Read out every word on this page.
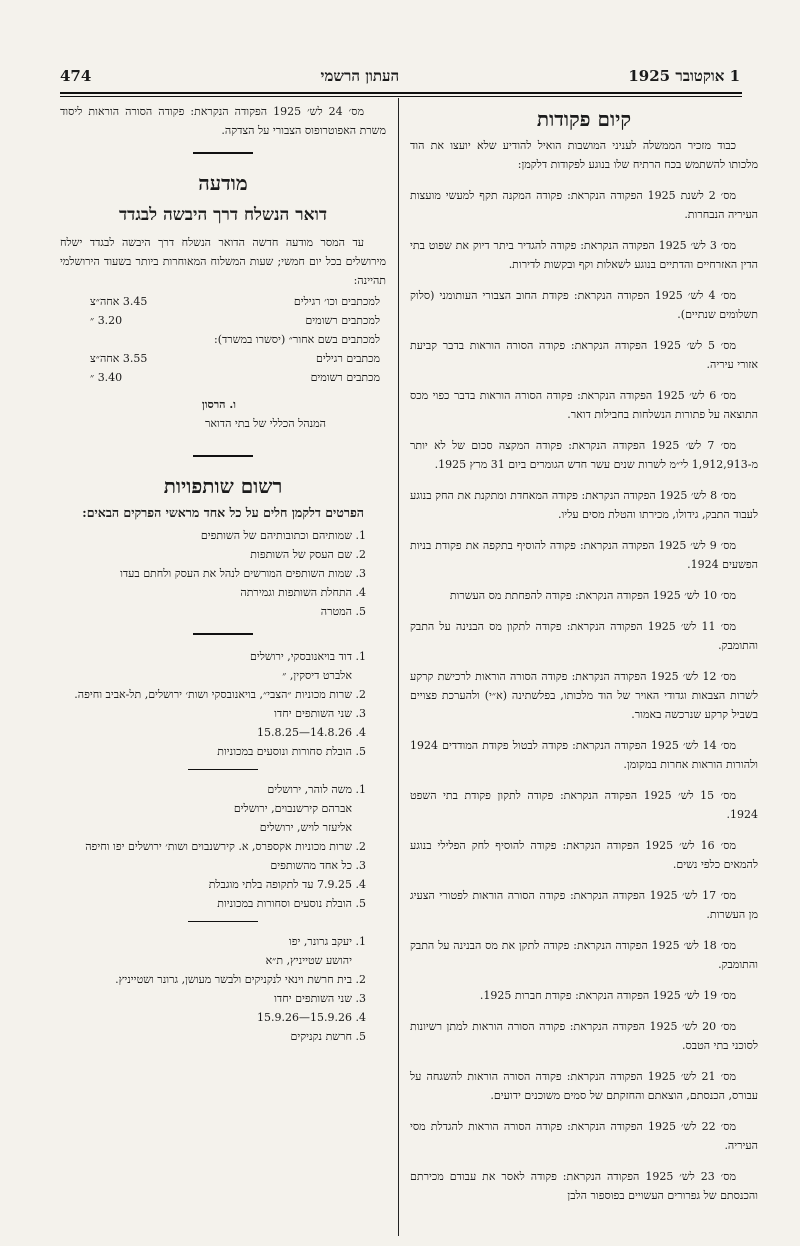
1 אוקטובר 1925
העתון הרשמי
474
קיום פקודות

כבוד מזכיר הממשלה לעניני המושבות הואיל להודיע שלא יועצו את הוד מלכותו להשתמש בכח הרתיח שלו בנוגע לפקודות דלקמן:

מס׳ 2 לשנת 1925 הפקודה הנקראת: פקודה המקנה תקף למעשי מועצות העיריה הנבחרות.

מס׳ 3 לש׳ 1925 הפקודה הנקראת: פקודה להגדיר ביתר דיוק את שפוט בתי הדין האזרחיים והדתיים בנוגע לשאלות וקף ובקשות לדירות.

מס׳ 4 לש׳ 1925 הפקודה הנקראת: פקודת החוב הצבורי העותומני (סלוק תשלומים שנתיים).

מס׳ 5 לש׳ 1925 הפקודה הנקראת: פקודה הסורה הוראות בדבר קביעת אזורי עיריה.

מס׳ 6 לש׳ 1925 הפקודה הנקראת: פקודה הסורה הוראות בדבר כפוי מכס התוצאה על פתורות הנשלחות בחבילות דואר.

מס׳ 7 לש׳ 1925 הפקודה הנקראת: פקודה המקצה סכום של לא יותר מ-1,912,913 לי״מ לשרות שנים עשר חדש הגומרים ביום 31 מרץ 1925.

מס׳ 8 לש׳ 1925 הפקודה הנקראת: פקודה המאחדת ומתקנת את החק בנוגע לעבוד התבק, גידולו, מכירתו והטלת מסים עליו.

מס׳ 9 לש׳ 1925 הפקודה הנקראת: פקודה להוסיף בתקפה את פקודת בניות הפשעים 1924.

מס׳ 10 לש׳ 1925 הפקודה הנקראת: פקודה להפחתת מס העשרות

מס׳ 11 לש׳ 1925 הפקודה הנקראת: פקודה לתקון מס הבנינה על התבק והתומבק.

מס׳ 12 לש׳ 1925 הפקודה הנקראת: פקודה הסורה הוראות לרכישת קרקע לשרות הצבאות וגדודי האויר של הוד מלכותו, בפלשתינה (א״י) ולהערכת פצויים בשביל קרקע שנרכשה באמור.

מס׳ 14 לש׳ 1925 הפקודה הנקראת: פקודה לבטול פקודת המודדים 1924 ולהורות הוראות אחרות במקומן.

מס׳ 15 לש׳ 1925 הפקודה הנקראת: פקודה לתקון פקודת בתי השפט 1924.

מס׳ 16 לש׳ 1925 הפקודה הנקראת: פקודה להוסיף לחק הפלילי בנוגע להמאים כלפי נשים.

מס׳ 17 לש׳ 1925 הפקודה הנקראת: פקודה הסורה הוראות לפטורי הצעיג מן העשרות.

מס׳ 18 לש׳ 1925 הפקודה הנקראת: פקודה לתקן את מס הבנינה על התבק והתומבק.

מס׳ 19 לש׳ 1925 הפקודה הנקראת: פקודת חברות 1925.

מס׳ 20 לש׳ 1925 הפקודה הנקראת: פקודה הסורה הוראות למתן רשיונות לסוכני בתי הטבס.

מס׳ 21 לש׳ 1925 הפקודה הנקראת: פקודה הסורה הוראות להשגחה על עבורס, הכנסתם, הוצאתם והחזקתם של סמים משוכנים ידועים.

מס׳ 22 לש׳ 1925 הפקודה הנקראת: פקודה הסורה הוראות להגדלת מסי העיריה.

מס׳ 23 לש׳ 1925 הפקודה הנקראת: פקודה לאסר את עבודם מכירתם והכנסתם של גפרורים העשויים בפוספור הלבן

מס׳ 24 לש׳ 1925 הפקודה הנקראת: פקודה הסורה הוראות ליסוד משרת האפוטרופוס הצבורי על הצדקה.

מודעה
דואר הנשלח דרך היבשה לבגדד

עד המסר מודעה חדשה הדואר הנשלח דרך היבשה לבגדד ישלח מירושלים בכל יום חמשי; שעות המשלוח המאוחרות ביותר בשעוד הירושלמי תהיינה:

למכתבים וכו׳ רגילים
3.45 אחה״צ
למכתבים רשומים
3.20 ״
למכתבים בשם אחור״ (יסשרו במשרד):
מכתבים רגילים
3.55 אחה״צ
מכתבים רשומים
3.40 ״
ו. הרסון
המנהל הכללי של בתי הדואר
רשום שותפויות

הפרטים דלקמן חלים על כל אחד מראשי הפרקים הבאים:

1. שמותיהם וכתובותיהם של השותפים
2. שם העסק של השותפות
3. שמות השותפים המורשים לנהל את העסק ולחתם בעדו
4. התחלת השותפות וגמירתה
5. המטרה
1. דוד בויאנובסקי, ירושלים
אלברט דיסקין, ״
2. שרות מכוניות ״הצבי״, בויאנובסקי ושות׳ ירושלים, תל-אביב וחיפה.
3. שני השותפים יחדו
4. 14.8.26—15.8.25
5. הובלת סחורות ונוסעים במכוניות
1. משה לוהר, ירושלים
אברהם קירשנבוים, ירושלים
אליעזר לויש, ירושלים
2. שרות מכוניות אקספרס, א. קירשנבוים ושות׳ ירושלים יפו וחיפה
3. כל אחד מהשותפים
4. 7.9.25 עד לתקופה בלתי מוגבלת
5. הובלת נוסעים וסחורות במכוניות
1. יעקב גרונר, יפו
יהושע שטייניץ, ת״א
2. בית חרשת וינאי לנקניקים ולבשר מעושן, גרונר ושטייניץ.
3. שני השותפים יחדו
4. 15.9.26—15.9.26
5. חרשת נקניקים
